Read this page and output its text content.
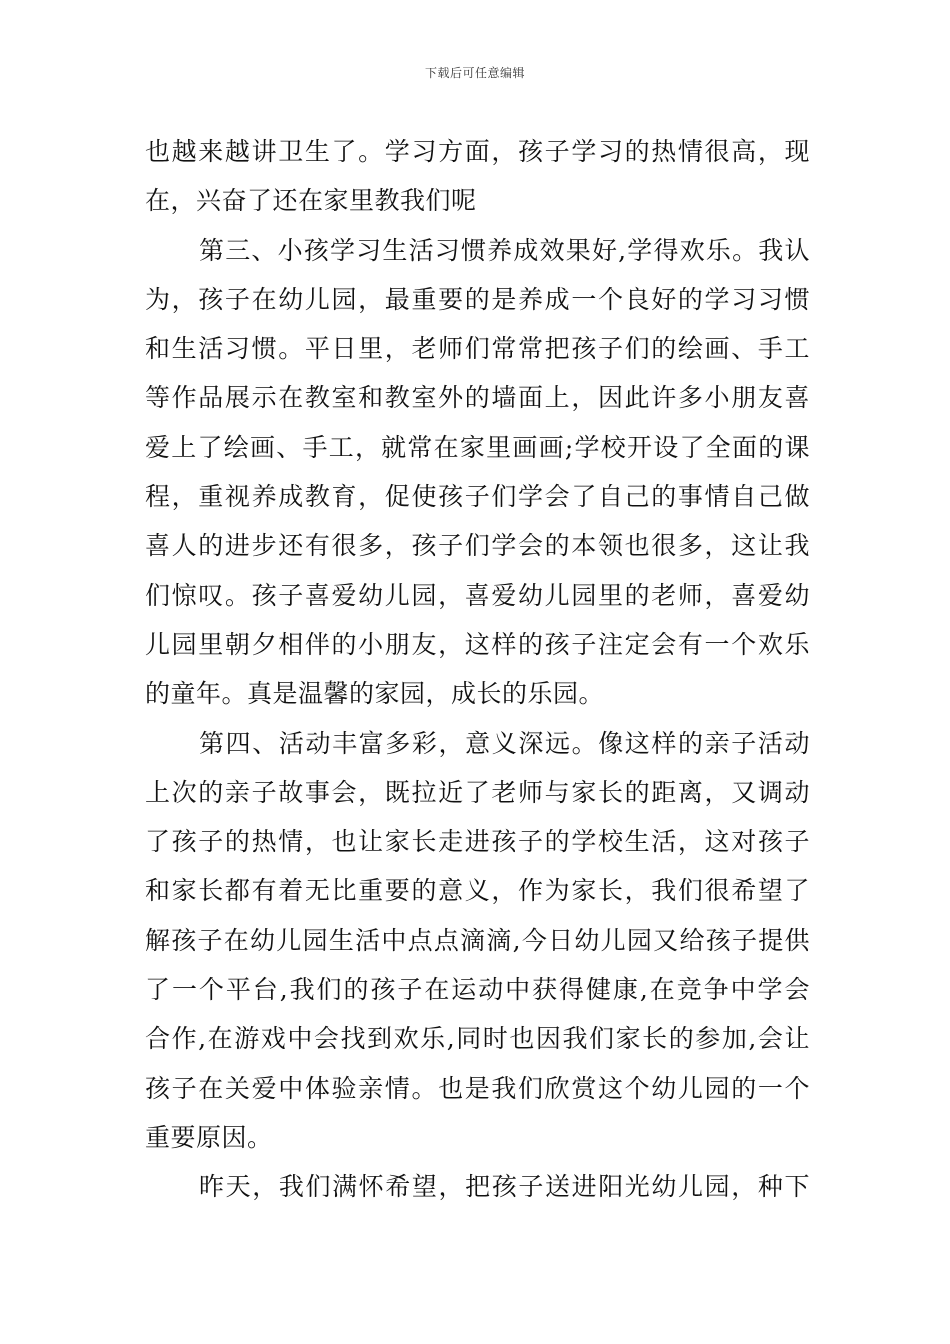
下载后可任意编辑
也越来越讲卫生了。学习方面，孩子学习的热情很高，现
在，兴奋了还在家里教我们呢
第三、小孩学习生活习惯养成效果好,学得欢乐。我认
为，孩子在幼儿园，最重要的是养成一个良好的学习习惯
和生活习惯。平日里，老师们常常把孩子们的绘画、手工
等作品展示在教室和教室外的墙面上，因此许多小朋友喜
爱上了绘画、手工，就常在家里画画;学校开设了全面的课
程，重视养成教育，促使孩子们学会了自己的事情自己做
喜人的进步还有很多，孩子们学会的本领也很多，这让我
们惊叹。孩子喜爱幼儿园，喜爱幼儿园里的老师，喜爱幼
儿园里朝夕相伴的小朋友，这样的孩子注定会有一个欢乐
的童年。真是温馨的家园，成长的乐园。
第四、活动丰富多彩，意义深远。像这样的亲子活动
上次的亲子故事会，既拉近了老师与家长的距离，又调动
了孩子的热情，也让家长走进孩子的学校生活，这对孩子
和家长都有着无比重要的意义，作为家长，我们很希望了
解孩子在幼儿园生活中点点滴滴,今日幼儿园又给孩子提供
了一个平台,我们的孩子在运动中获得健康,在竞争中学会
合作,在游戏中会找到欢乐,同时也因我们家长的参加,会让
孩子在关爱中体验亲情。也是我们欣赏这个幼儿园的一个
重要原因。
昨天，我们满怀希望，把孩子送进阳光幼儿园，种下
